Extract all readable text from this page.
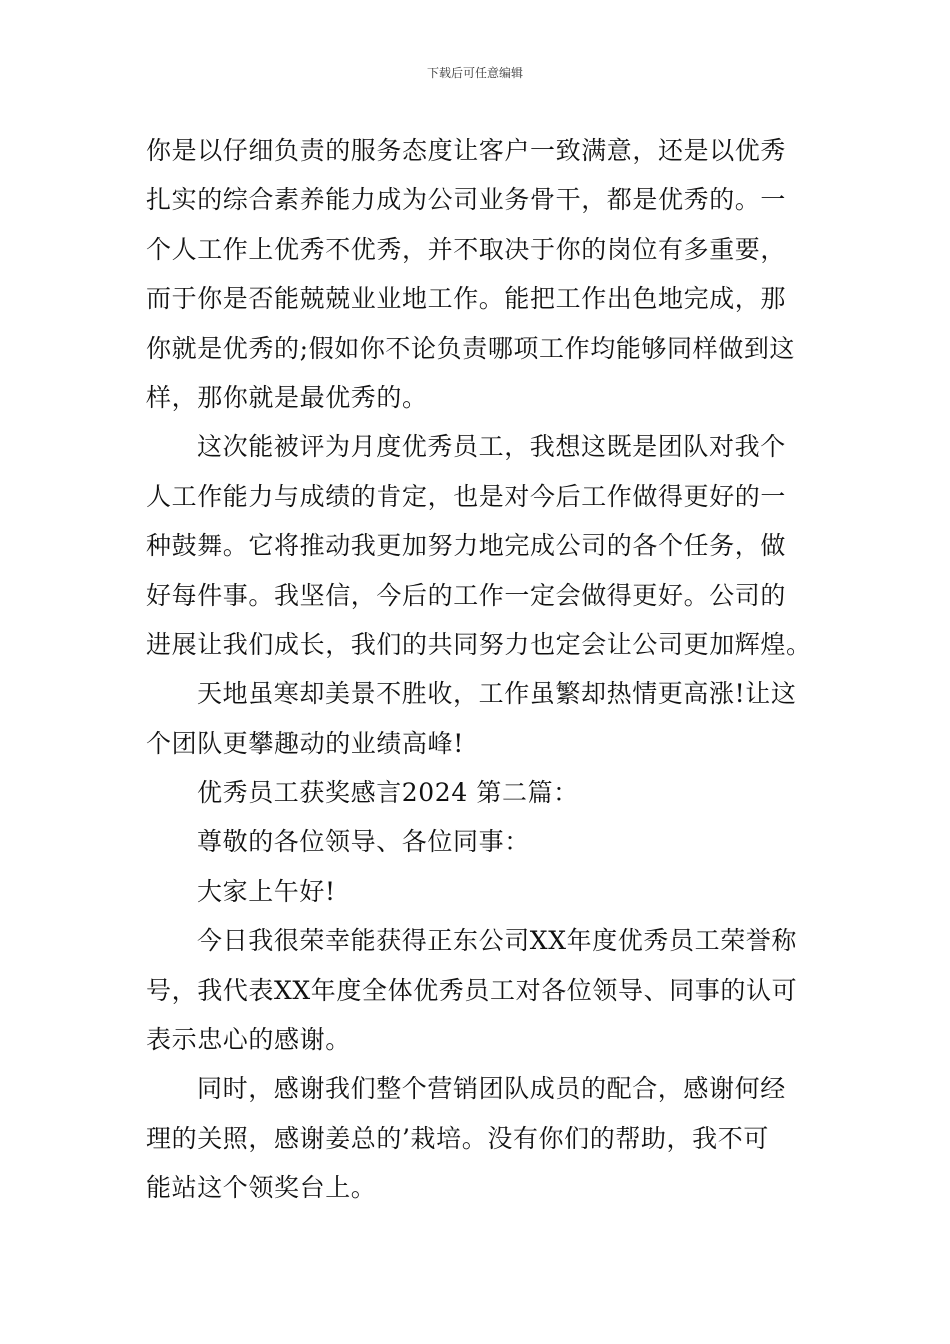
下载后可任意编辑
你是以仔细负责的服务态度让客户一致满意，还是以优秀
扎实的综合素养能力成为公司业务骨干，都是优秀的。一
个人工作上优秀不优秀，并不取决于你的岗位有多重要，
而于你是否能兢兢业业地工作。能把工作出色地完成，那
你就是优秀的;假如你不论负责哪项工作均能够同样做到这
样，那你就是最优秀的。
这次能被评为月度优秀员工，我想这既是团队对我个
人工作能力与成绩的肯定，也是对今后工作做得更好的一
种鼓舞。它将推动我更加努力地完成公司的各个任务，做
好每件事。我坚信，今后的工作一定会做得更好。公司的
进展让我们成长，我们的共同努力也定会让公司更加辉煌。
天地虽寒却美景不胜收，工作虽繁却热情更高涨!让这
个团队更攀趣动的业绩高峰!
优秀员工获奖感言2024 第二篇：
尊敬的各位领导、各位同事：
大家上午好!
今日我很荣幸能获得正东公司XX年度优秀员工荣誉称
号，我代表XX年度全体优秀员工对各位领导、同事的认可
表示忠心的感谢。
同时，感谢我们整个营销团队成员的配合，感谢何经
理的关照，感谢姜总的’栽培。没有你们的帮助，我不可
能站这个领奖台上。
